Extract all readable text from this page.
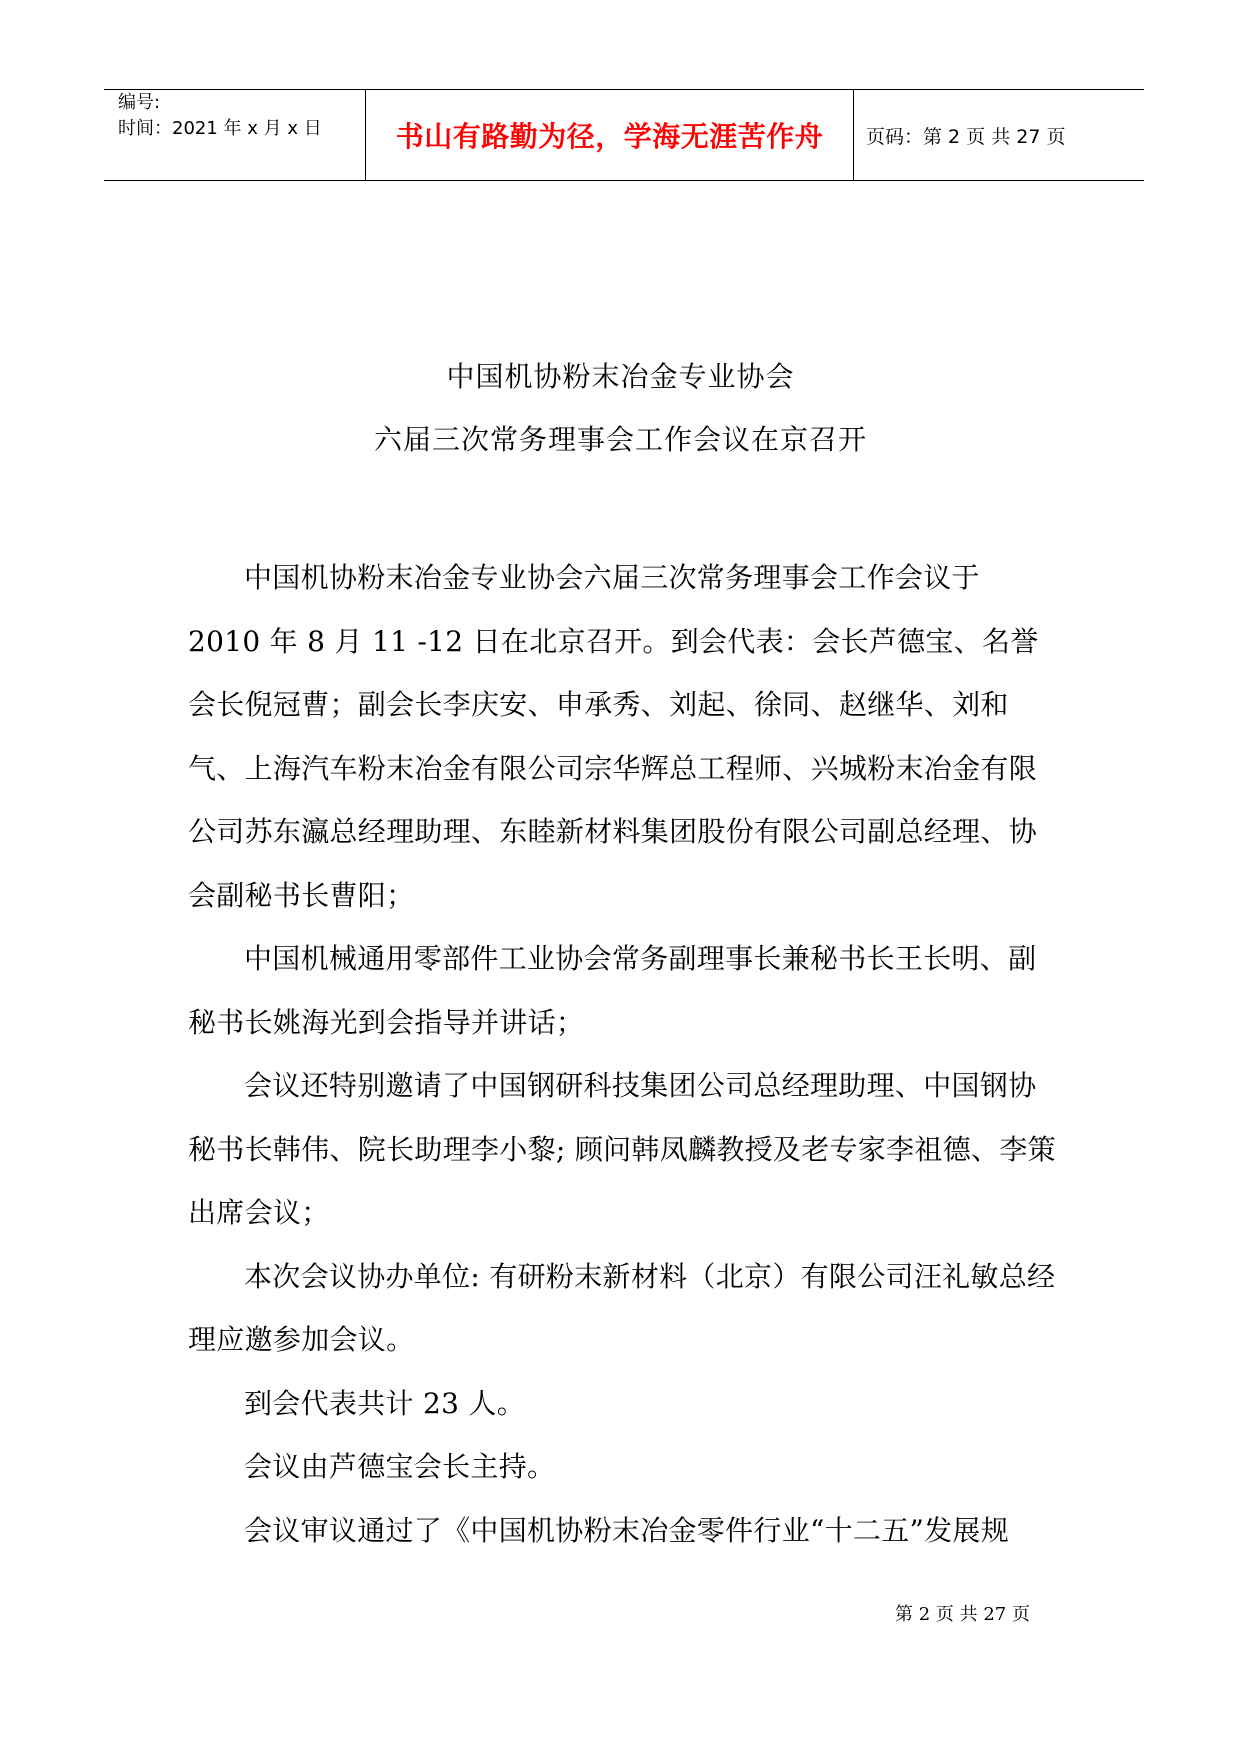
编号:
时间：2021 年 x 月 x 日	书山有路勤为径，学海无涯苦作舟 页码：第 2 页 共 27 页
中国机协粉末冶金专业协会
六届三次常务理事会工作会议在京召开

中国机协粉末冶金专业协会六届三次常务理事会工作会议于 2010 年 8 月 11 -12 日在北京召开。到会代表：会长芦德宝、名誉会长倪冠曹；副会长李庆安、申承秀、刘起、徐同、赵继华、刘和气、上海汽车粉末冶金有限公司宗华辉总工程师、兴城粉末冶金有限公司苏东瀛总经理助理、东睦新材料集团股份有限公司副总经理、协会副秘书长曹阳；

中国机械通用零部件工业协会常务副理事长兼秘书长王长明、副秘书长姚海光到会指导并讲话；

会议还特别邀请了中国钢研科技集团公司总经理助理、中国钢协秘书长韩伟、院长助理李小黎; 顾问韩凤麟教授及老专家李祖德、李策出席会议；

本次会议协办单位: 有研粉末新材料（北京）有限公司汪礼敏总经理应邀参加会议。

到会代表共计 23 人。

会议由芦德宝会长主持。

会议审议通过了《中国机协粉末冶金零件行业“十二五”发展规

第 2 页 共 27 页
